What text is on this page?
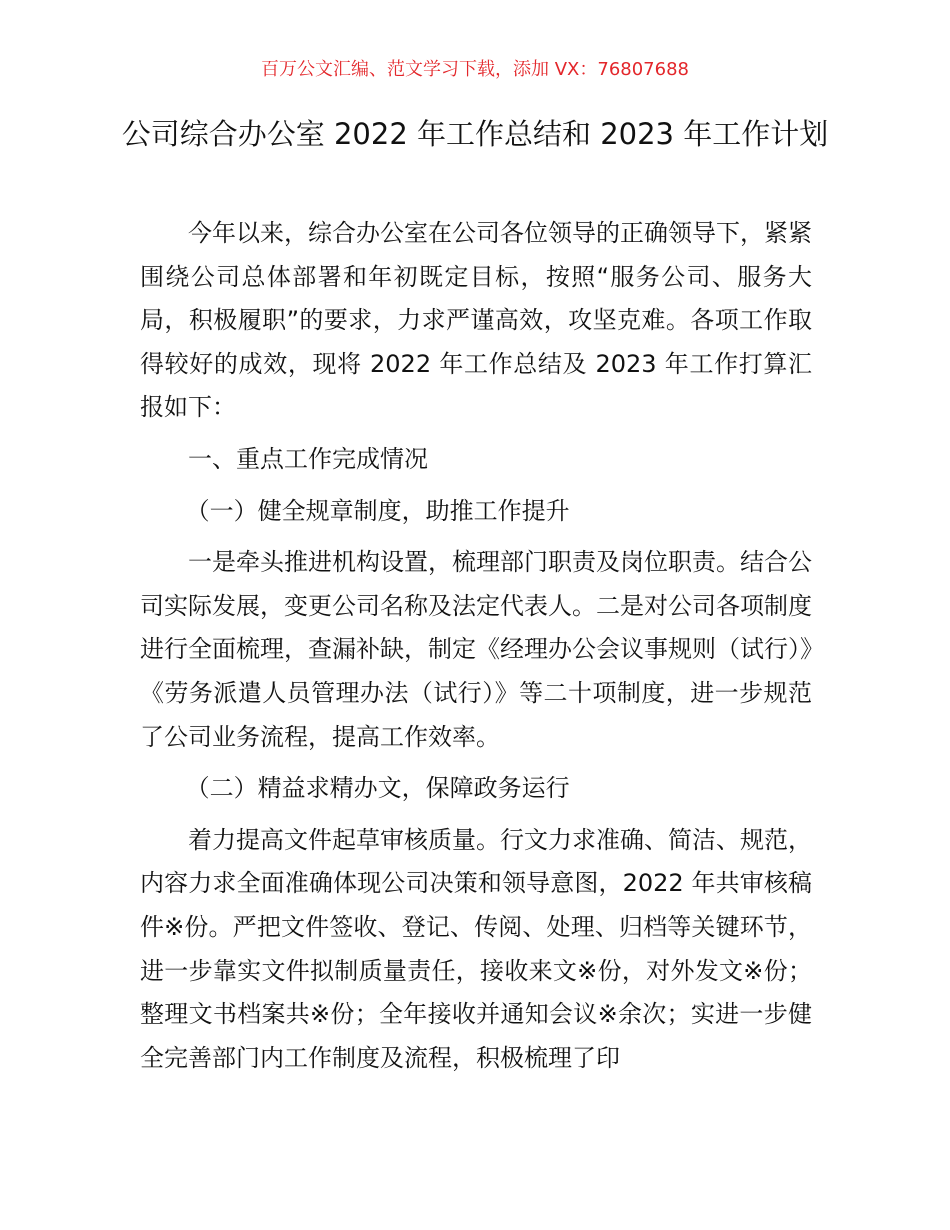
百万公文汇编、范文学习下载，添加 VX：76807688
公司综合办公室 2022 年工作总结和 2023 年工作计划

今年以来，综合办公室在公司各位领导的正确领导下，紧紧围绕公司总体部署和年初既定目标，按照“服务公司、服务大局，积极履职”的要求，力求严谨高效，攻坚克难。各项工作取得较好的成效，现将 2022 年工作总结及 2023 年工作打算汇报如下：

一、重点工作完成情况

（一）健全规章制度，助推工作提升

一是牵头推进机构设置，梳理部门职责及岗位职责。结合公司实际发展，变更公司名称及法定代表人。二是对公司各项制度进行全面梳理，查漏补缺，制定《经理办公会议事规则（试行）》《劳务派遣人员管理办法（试行）》等二十项制度，进一步规范了公司业务流程，提高工作效率。

（二）精益求精办文，保障政务运行

着力提高文件起草审核质量。行文力求准确、简洁、规范，内容力求全面准确体现公司决策和领导意图，2022 年共审核稿件※份。严把文件签收、登记、传阅、处理、归档等关键环节，进一步靠实文件拟制质量责任，接收来文※份，对外发文※份；整理文书档案共※份；全年接收并通知会议※余次；实进一步健全完善部门内工作制度及流程，积极梳理了印
